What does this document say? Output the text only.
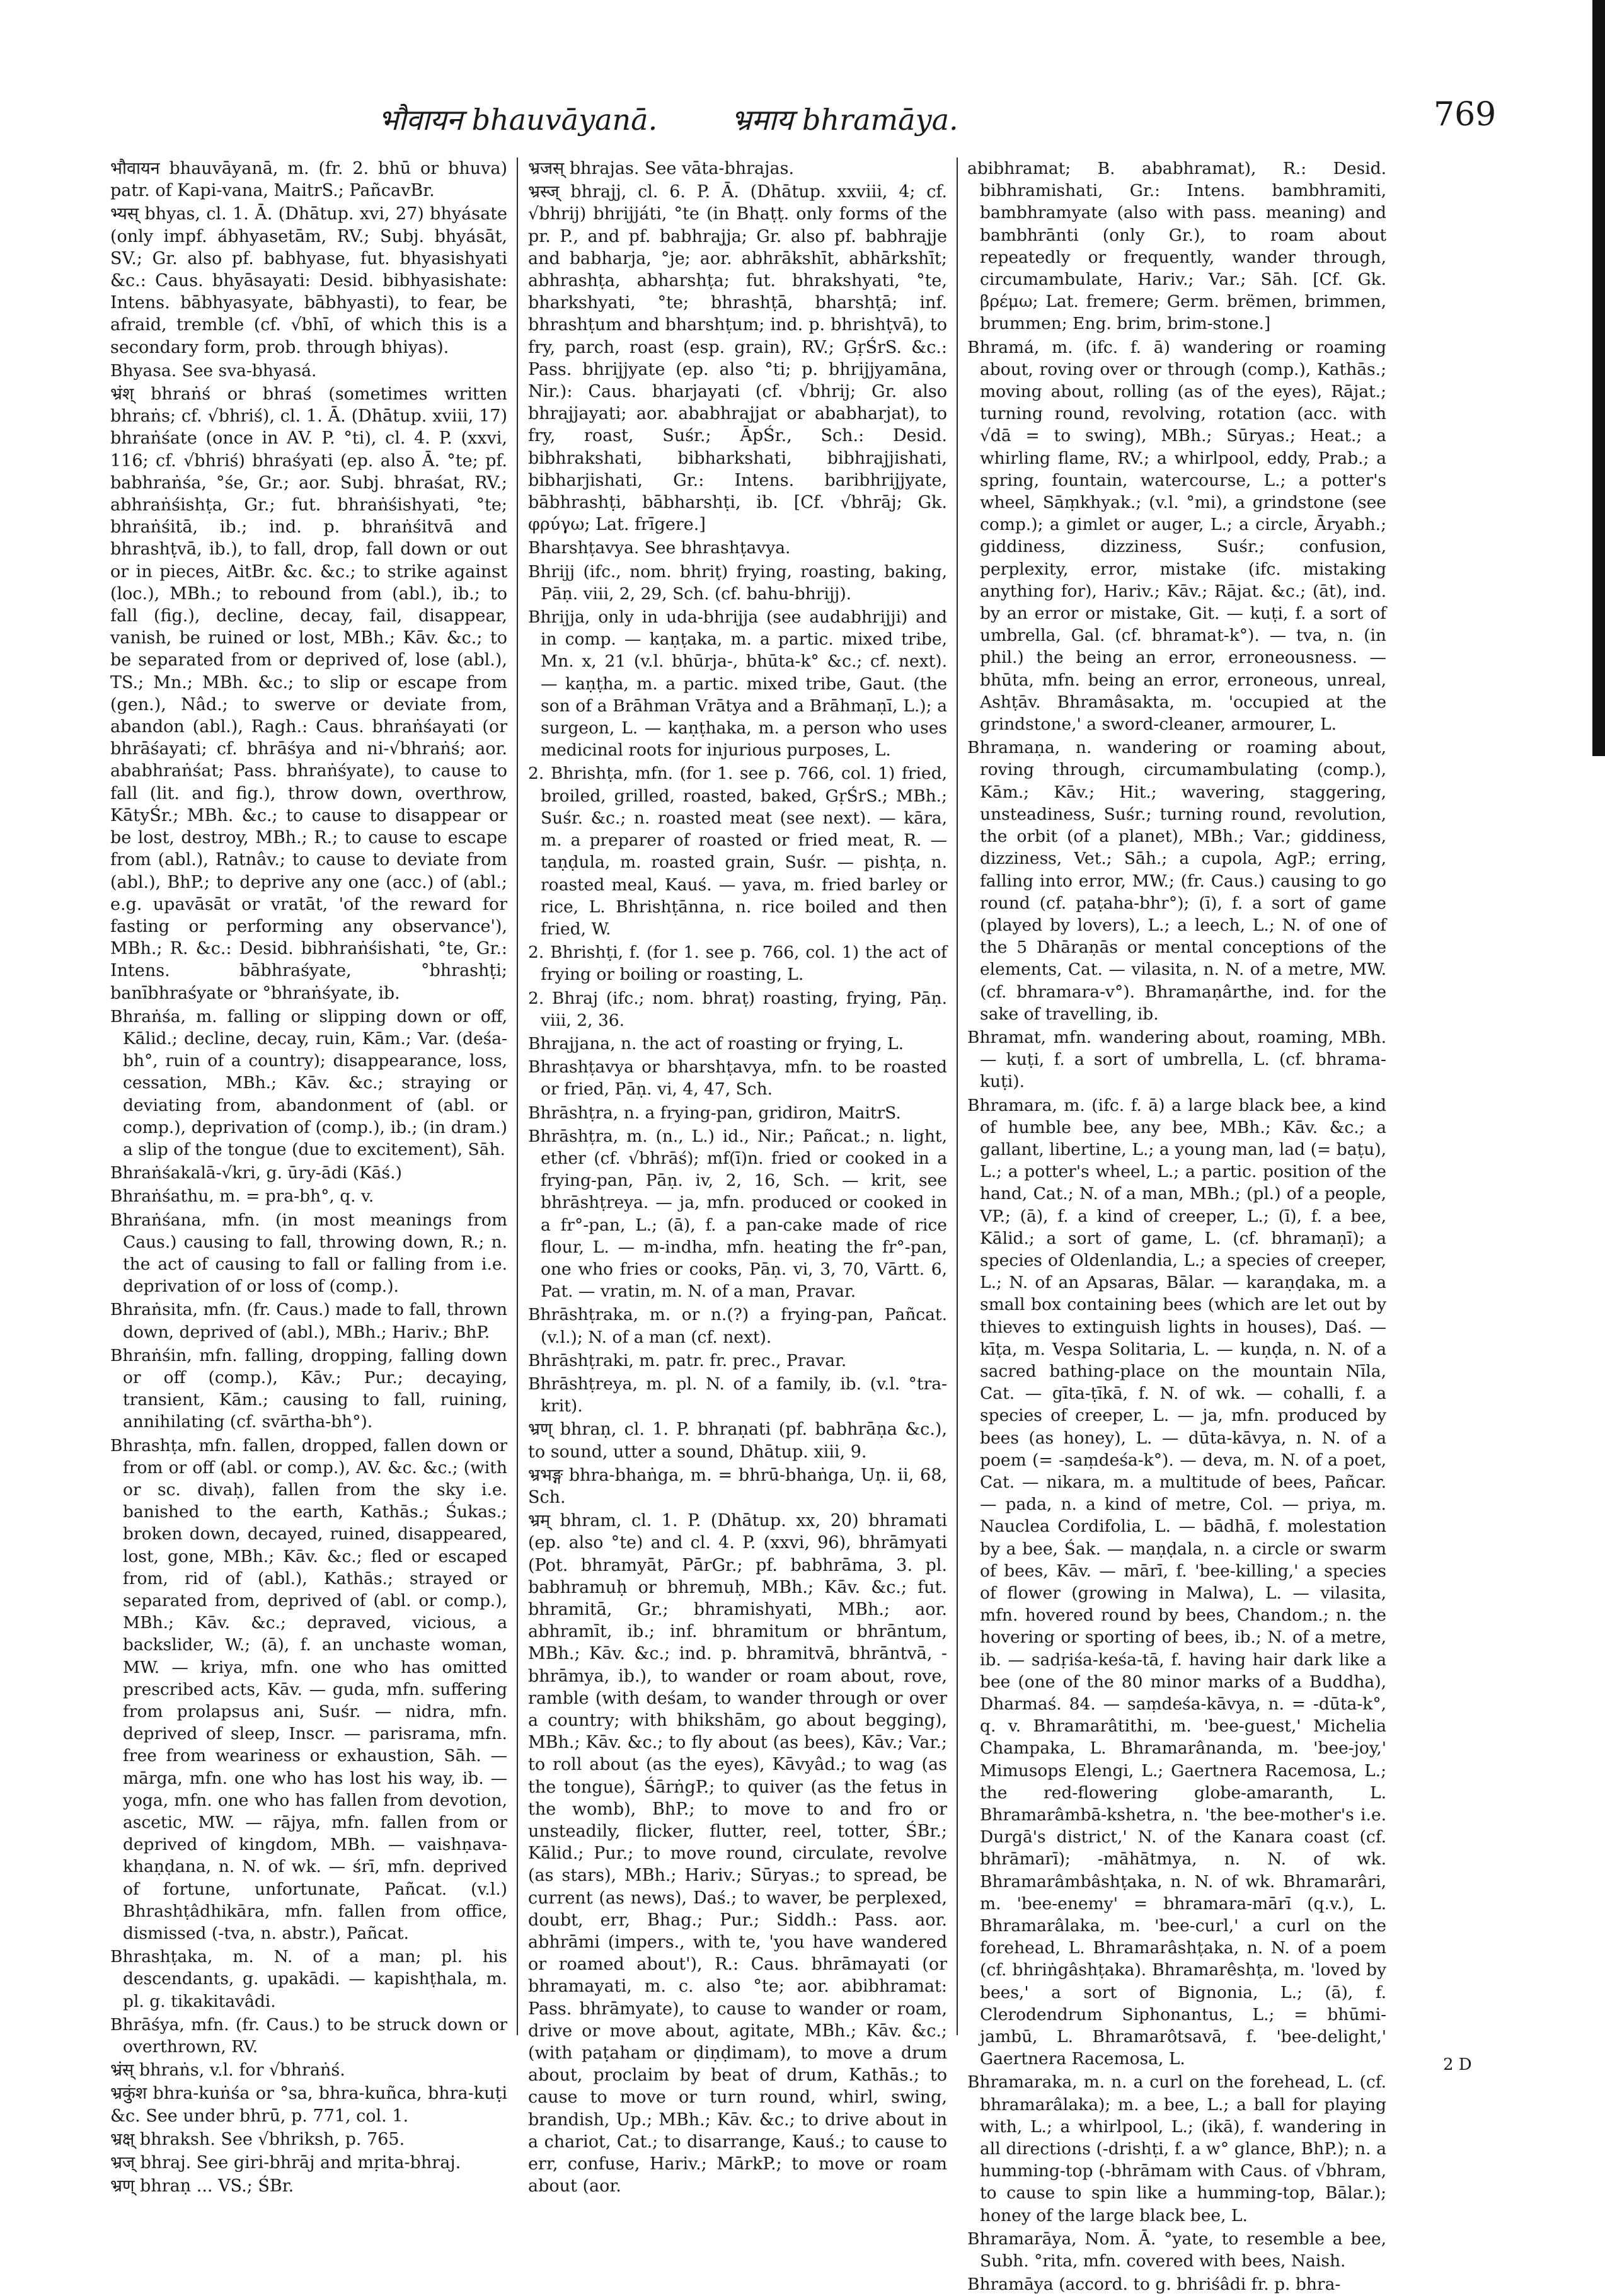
भौवायन bhauvāyanā.	भ्रमाय bhramāya.	769

भौवायन bhauvāyanā, m. (fr. 2. bhū or bhuva) patr. of Kapi-vana, MaitrS.; PañcavBr.

भ्यस् bhyas, cl. 1. Ā. (Dhātup. xvi, 27) bhyásate (only impf. ábhyasetām, RV.; Subj. bhyásāt, SV.; Gr. also pf. babhyase, fut. bhyasishyati &c.: Caus. bhyāsayati: Desid. bibhyasishate: Intens. bābhyasyate, bābhyasti), to fear, be afraid, tremble (cf. √bhī, of which this is a secondary form, prob. through bhiyas).

Bhyasa. See sva-bhyasá.

भ्रंश् bhraṅś or bhraś (sometimes written bhraṅs; cf. √bhriś), cl. 1. Ā. (Dhātup. xviii, 17) bhraṅśate (once in AV. P. °ti), cl. 4. P. (xxvi, 116; cf. √bhriś) bhraśyati (ep. also Ā. °te; pf. babhraṅśa, °śe, Gr.; aor. Subj. bhraśat, RV.; abhraṅśishṭa, Gr.; fut. bhraṅśishyati, °te; bhraṅśitā, ib.; ind. p. bhraṅśitvā and bhrashṭvā, ib.), to fall, drop, fall down or out or in pieces, AitBr. &c. &c.; to strike against (loc.), MBh.; to rebound from (abl.), ib.; to fall (fig.), decline, decay, fail, disappear, vanish, be ruined or lost, MBh.; Kāv. &c.; to be separated from or deprived of, lose (abl.), TS.; Mn.; MBh. &c.; to slip or escape from (gen.), Nâd.; to swerve or deviate from, abandon (abl.), Ragh.: Caus. bhraṅśayati (or bhrāśayati; cf. bhrāśya and ni-√bhraṅś; aor. ababhraṅśat; Pass. bhraṅśyate), to cause to fall (lit. and fig.), throw down, overthrow, KātyŚr.; MBh. &c.; to cause to disappear or be lost, destroy, MBh.; R.; to cause to escape from (abl.), Ratnâv.; to cause to deviate from (abl.), BhP.; to deprive any one (acc.) of (abl.; e.g. upavāsāt or vratāt, 'of the reward for fasting or performing any observance'), MBh.; R. &c.: Desid. bibhraṅśishati, °te, Gr.: Intens. bābhraśyate, °bhrashṭi; banībhraśyate or °bhraṅśyate, ib.

Bhraṅśa, m. falling or slipping down or off, Kālid.; decline, decay, ruin, Kām.; Var. (deśa-bh°, ruin of a country); disappearance, loss, cessation, MBh.; Kāv. &c.; straying or deviating from, abandonment of (abl. or comp.), deprivation of (comp.), ib.; (in dram.) a slip of the tongue (due to excitement), Sāh.

Bhraṅśakalā-√kri, g. ūry-ādi (Kāś.)

Bhraṅśathu, m. = pra-bh°, q. v.

Bhraṅśana, mfn. (in most meanings from Caus.) causing to fall, throwing down, R.; n. the act of causing to fall or falling from i.e. deprivation of or loss of (comp.).

Bhraṅsita, mfn. (fr. Caus.) made to fall, thrown down, deprived of (abl.), MBh.; Hariv.; BhP.

Bhraṅśin, mfn. falling, dropping, falling down or off (comp.), Kāv.; Pur.; decaying, transient, Kām.; causing to fall, ruining, annihilating (cf. svārtha-bh°).

Bhrashṭa, mfn. fallen, dropped, fallen down or from or off (abl. or comp.), AV. &c. &c.; (with or sc. divaḥ), fallen from the sky i.e. banished to the earth, Kathās.; Śukas.; broken down, decayed, ruined, disappeared, lost, gone, MBh.; Kāv. &c.; fled or escaped from, rid of (abl.), Kathās.; strayed or separated from, deprived of (abl. or comp.), MBh.; Kāv. &c.; depraved, vicious, a backslider, W.; (ā), f. an unchaste woman, MW. — kriya, mfn. one who has omitted prescribed acts, Kāv. — guda, mfn. suffering from prolapsus ani, Suśr. — nidra, mfn. deprived of sleep, Inscr. — parisrama, mfn. free from weariness or exhaustion, Sāh. — mārga, mfn. one who has lost his way, ib. — yoga, mfn. one who has fallen from devotion, ascetic, MW. — rājya, mfn. fallen from or deprived of kingdom, MBh. — vaishṇava-khaṇḍana, n. N. of wk. — śrī, mfn. deprived of fortune, unfortunate, Pañcat. (v.l.) Bhrashṭâdhikāra, mfn. fallen from office, dismissed (-tva, n. abstr.), Pañcat.

Bhrashṭaka, m. N. of a man; pl. his descendants, g. upakādi. — kapishṭhala, m. pl. g. tikakitavâdi.

Bhrāśya, mfn. (fr. Caus.) to be struck down or overthrown, RV.

भ्रंस् bhraṅs, v.l. for √bhraṅś.

भ्रकुंश bhra-kuṅśa or °sa, bhra-kuñca, bhra-kuṭi &c. See under bhrū, p. 771, col. 1.

भ्रक्ष् bhraksh. See √bhriksh, p. 765.

भ्रज् bhraj. See giri-bhrāj and mṛita-bhraj.

भ्रण् bhraṇ ... VS.; ŚBr.

भ्रजस् bhrajas. See vāta-bhrajas.

भ्रस्ज् bhrajj, cl. 6. P. Ā. (Dhātup. xxviii, 4; cf. √bhrij) bhrijjáti, °te (in Bhaṭṭ. only forms of the pr. P., and pf. babhrajja; Gr. also pf. babhrajje and babharja, °je; aor. abhrākshīt, abhārkshīt; abhrashṭa, abharshṭa; fut. bhrakshyati, °te, bharkshyati, °te; bhrashṭā, bharshṭā; inf. bhrashṭum and bharshṭum; ind. p. bhrishṭvā), to fry, parch, roast (esp. grain), RV.; GṛŚrS. &c.: Pass. bhrijjyate (ep. also °ti; p. bhrijjyamāna, Nir.): Caus. bharjayati (cf. √bhrij; Gr. also bhrajjayati; aor. ababhrajjat or ababharjat), to fry, roast, Suśr.; ĀpŚr., Sch.: Desid. bibhrakshati, bibharkshati, bibhrajjishati, bibharjishati, Gr.: Intens. baribhrijjyate, bābhrashṭi, bābharshṭi, ib. [Cf. √bhrāj; Gk. φρύγω; Lat. frīgere.]

Bharshṭavya. See bhrashṭavya.

Bhrijj (ifc., nom. bhriṭ) frying, roasting, baking, Pāṇ. viii, 2, 29, Sch. (cf. bahu-bhrijj).

Bhrijja, only in uda-bhrijja (see audabhrijji) and in comp. — kaṇṭaka, m. a partic. mixed tribe, Mn. x, 21 (v.l. bhūrja-, bhūta-k° &c.; cf. next). — kaṇṭha, m. a partic. mixed tribe, Gaut. (the son of a Brāhman Vrātya and a Brāhmaṇī, L.); a surgeon, L. — kaṇṭhaka, m. a person who uses medicinal roots for injurious purposes, L.

2. Bhrishṭa, mfn. (for 1. see p. 766, col. 1) fried, broiled, grilled, roasted, baked, GṛŚrS.; MBh.; Suśr. &c.; n. roasted meat (see next). — kāra, m. a preparer of roasted or fried meat, R. — taṇḍula, m. roasted grain, Suśr. — pishṭa, n. roasted meal, Kauś. — yava, m. fried barley or rice, L. Bhrishṭānna, n. rice boiled and then fried, W.

2. Bhrishṭi, f. (for 1. see p. 766, col. 1) the act of frying or boiling or roasting, L.

2. Bhraj (ifc.; nom. bhraṭ) roasting, frying, Pāṇ. viii, 2, 36.

Bhrajjana, n. the act of roasting or frying, L.

Bhrashṭavya or bharshṭavya, mfn. to be roasted or fried, Pāṇ. vi, 4, 47, Sch.

Bhrāshṭra, n. a frying-pan, gridiron, MaitrS.

Bhrāshṭra, m. (n., L.) id., Nir.; Pañcat.; n. light, ether (cf. √bhrāś); mf(ī)n. fried or cooked in a frying-pan, Pāṇ. iv, 2, 16, Sch. — krit, see bhrāshṭreya. — ja, mfn. produced or cooked in a fr°-pan, L.; (ā), f. a pan-cake made of rice flour, L. — m-indha, mfn. heating the fr°-pan, one who fries or cooks, Pāṇ. vi, 3, 70, Vārtt. 6, Pat. — vratin, m. N. of a man, Pravar.

Bhrāshṭraka, m. or n.(?) a frying-pan, Pañcat. (v.l.); N. of a man (cf. next).

Bhrāshṭraki, m. patr. fr. prec., Pravar.

Bhrāshṭreya, m. pl. N. of a family, ib. (v.l. °tra-krit).

भ्रण् bhraṇ, cl. 1. P. bhraṇati (pf. babhrāṇa &c.), to sound, utter a sound, Dhātup. xiii, 9.

भ्रभङ्ग bhra-bhaṅga, m. = bhrū-bhaṅga, Uṇ. ii, 68, Sch.

भ्रम् bhram, cl. 1. P. (Dhātup. xx, 20) bhramati (ep. also °te) and cl. 4. P. (xxvi, 96), bhrāmyati (Pot. bhramyāt, PārGr.; pf. babhrāma, 3. pl. babhramuḥ or bhremuḥ, MBh.; Kāv. &c.; fut. bhramitā, Gr.; bhramishyati, MBh.; aor. abhramīt, ib.; inf. bhramitum or bhrāntum, MBh.; Kāv. &c.; ind. p. bhramitvā, bhrāntvā, -bhrāmya, ib.), to wander or roam about, rove, ramble (with deśam, to wander through or over a country; with bhikshām, go about begging), MBh.; Kāv. &c.; to fly about (as bees), Kāv.; Var.; to roll about (as the eyes), Kāvyâd.; to wag (as the tongue), ŚārṅgP.; to quiver (as the fetus in the womb), BhP.; to move to and fro or unsteadily, flicker, flutter, reel, totter, ŚBr.; Kālid.; Pur.; to move round, circulate, revolve (as stars), MBh.; Hariv.; Sūryas.; to spread, be current (as news), Daś.; to waver, be perplexed, doubt, err, Bhag.; Pur.; Siddh.: Pass. aor. abhrāmi (impers., with te, 'you have wandered or roamed about'), R.: Caus. bhrāmayati (or bhramayati, m. c. also °te; aor. abibhramat: Pass. bhrāmyate), to cause to wander or roam, drive or move about, agitate, MBh.; Kāv. &c.; (with paṭaham or ḍiṇḍimam), to move a drum about, proclaim by beat of drum, Kathās.; to cause to move or turn round, whirl, swing, brandish, Up.; MBh.; Kāv. &c.; to drive about in a chariot, Cat.; to disarrange, Kauś.; to cause to err, confuse, Hariv.; MārkP.; to move or roam about (aor.

abibhramat; B. ababhramat), R.: Desid. bibhramishati, Gr.: Intens. bambhramiti, bambhramyate (also with pass. meaning) and bambhrānti (only Gr.), to roam about repeatedly or frequently, wander through, circumambulate, Hariv.; Var.; Sāh. [Cf. Gk. βρέμω; Lat. fremere; Germ. brëmen, brimmen, brummen; Eng. brim, brim-stone.]

Bhramá, m. (ifc. f. ā) wandering or roaming about, roving over or through (comp.), Kathās.; moving about, rolling (as of the eyes), Rājat.; turning round, revolving, rotation (acc. with √dā = to swing), MBh.; Sūryas.; Heat.; a whirling flame, RV.; a whirlpool, eddy, Prab.; a spring, fountain, watercourse, L.; a potter's wheel, Sāṃkhyak.; (v.l. °mi), a grindstone (see comp.); a gimlet or auger, L.; a circle, Āryabh.; giddiness, dizziness, Suśr.; confusion, perplexity, error, mistake (ifc. mistaking anything for), Hariv.; Kāv.; Rājat. &c.; (āt), ind. by an error or mistake, Git. — kuṭi, f. a sort of umbrella, Gal. (cf. bhramat-k°). — tva, n. (in phil.) the being an error, erroneousness. — bhūta, mfn. being an error, erroneous, unreal, Ashṭāv. Bhramâsakta, m. 'occupied at the grindstone,' a sword-cleaner, armourer, L.

Bhramaṇa, n. wandering or roaming about, roving through, circumambulating (comp.), Kām.; Kāv.; Hit.; wavering, staggering, unsteadiness, Suśr.; turning round, revolution, the orbit (of a planet), MBh.; Var.; giddiness, dizziness, Vet.; Sāh.; a cupola, AgP.; erring, falling into error, MW.; (fr. Caus.) causing to go round (cf. paṭaha-bhr°); (ī), f. a sort of game (played by lovers), L.; a leech, L.; N. of one of the 5 Dhāraṇās or mental conceptions of the elements, Cat. — vilasita, n. N. of a metre, MW. (cf. bhramara-v°). Bhramaṇârthe, ind. for the sake of travelling, ib.

Bhramat, mfn. wandering about, roaming, MBh. — kuṭi, f. a sort of umbrella, L. (cf. bhrama-kuṭi).

Bhramara, m. (ifc. f. ā) a large black bee, a kind of humble bee, any bee, MBh.; Kāv. &c.; a gallant, libertine, L.; a young man, lad (= baṭu), L.; a potter's wheel, L.; a partic. position of the hand, Cat.; N. of a man, MBh.; (pl.) of a people, VP.; (ā), f. a kind of creeper, L.; (ī), f. a bee, Kālid.; a sort of game, L. (cf. bhramaṇī); a species of Oldenlandia, L.; a species of creeper, L.; N. of an Apsaras, Bālar. — karaṇḍaka, m. a small box containing bees (which are let out by thieves to extinguish lights in houses), Daś. — kīṭa, m. Vespa Solitaria, L. — kuṇḍa, n. N. of a sacred bathing-place on the mountain Nīla, Cat. — gīta-ṭīkā, f. N. of wk. — cohalli, f. a species of creeper, L. — ja, mfn. produced by bees (as honey), L. — dūta-kāvya, n. N. of a poem (= -saṃdeśa-k°). — deva, m. N. of a poet, Cat. — nikara, m. a multitude of bees, Pañcar. — pada, n. a kind of metre, Col. — priya, m. Nauclea Cordifolia, L. — bādhā, f. molestation by a bee, Śak. — maṇḍala, n. a circle or swarm of bees, Kāv. — mārī, f. 'bee-killing,' a species of flower (growing in Malwa), L. — vilasita, mfn. hovered round by bees, Chandom.; n. the hovering or sporting of bees, ib.; N. of a metre, ib. — sadṛiśa-keśa-tā, f. having hair dark like a bee (one of the 80 minor marks of a Buddha), Dharmaś. 84. — saṃdeśa-kāvya, n. = -dūta-k°, q. v. Bhramarâtithi, m. 'bee-guest,' Michelia Champaka, L. Bhramarânanda, m. 'bee-joy,' Mimusops Elengi, L.; Gaertnera Racemosa, L.; the red-flowering globe-amaranth, L. Bhramarâmbā-kshetra, n. 'the bee-mother's i.e. Durgā's district,' N. of the Kanara coast (cf. bhrāmarī); -māhātmya, n. N. of wk. Bhramarâmbâshṭaka, n. N. of wk. Bhramarâri, m. 'bee-enemy' = bhramara-mārī (q.v.), L. Bhramarâlaka, m. 'bee-curl,' a curl on the forehead, L. Bhramarâshṭaka, n. N. of a poem (cf. bhriṅgâshṭaka). Bhramarêshṭa, m. 'loved by bees,' a sort of Bignonia, L.; (ā), f. Clerodendrum Siphonantus, L.; = bhūmi-jambū, L. Bhramarôtsavā, f. 'bee-delight,' Gaertnera Racemosa, L.

Bhramaraka, m. n. a curl on the forehead, L. (cf. bhramarâlaka); m. a bee, L.; a ball for playing with, L.; a whirlpool, L.; (ikā), f. wandering in all directions (-drishṭi, f. a w° glance, BhP.); n. a humming-top (-bhrāmam with Caus. of √bhram, to cause to spin like a humming-top, Bālar.); honey of the large black bee, L.

Bhramarāya, Nom. Ā. °yate, to resemble a bee, Subh. °rita, mfn. covered with bees, Naish.

Bhramāya (accord. to g. bhriśâdi fr. p. bhra-

2 D
